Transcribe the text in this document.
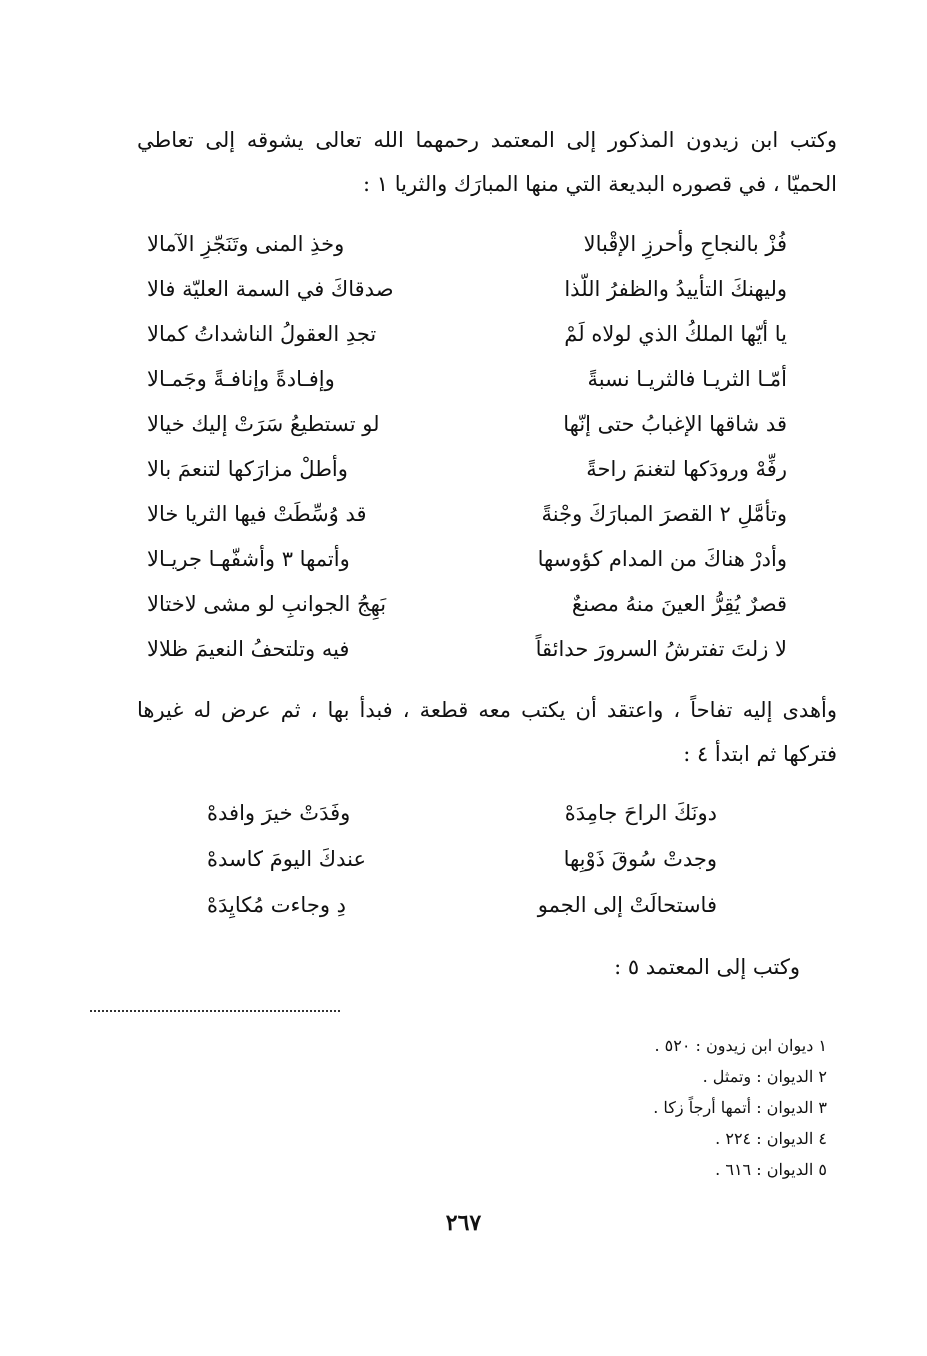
وكتب ابن زيدون المذكور إلى المعتمد رحمهما الله تعالى يشوقه إلى تعاطي الحميّا ، في قصوره البديعة التي منها المبارَك والثريا ١ :

فُزْ بالنجاحِ وأحرزِ الإقْبالا
وخذِ المنى وتَنَجّزِ الآمالا
وليهنكَ التأييدُ والظفرُ اللّذا
صدقاكَ في السمة العليّة فالا
يا أيّها الملكُ الذي لولاه لَمْ
تجدِ العقولُ الناشداتُ كمالا
أمّـا الثريـا فالثريـا نسبةً
وإفـادةً وإنافـةً وجَمـالا
قد شاقها الإغبابُ حتى إنّها
لو تستطيعُ سَرَتْ إليك خيالا
رفِّهْ ورودَكها لتغنمَ راحةً
وأطلْ مزارَكها لتنعمَ بالا
وتأمَّلِ ٢ القصرَ المبارَكَ وجْنةً
قد وُسِّطَتْ فيها الثريا خالا
وأدرْ هناكَ من المدام كؤوسها
وأتمها ٣ وأشفّهـا جريـالا
قصرٌ يُقِرُّ العينَ منهُ مصنعٌ
بَهِجُ الجوانبِ لو مشى لاختالا
لا زلتَ تفترشُ السرورَ حدائقاً
فيه وتلتحفُ النعيمَ ظلالا

وأهدى إليه تفاحاً ، واعتقد أن يكتب معه قطعة ، فبدأ بها ، ثم عرض له غيرها فتركها ثم ابتدأ ٤ :

دونَكَ الراحَ جامِدَهْ
وفَدَتْ خيرَ وافدهْ
وجدتْ سُوقَ ذَوْبِها
عندكَ اليومَ كاسدهْ
فاستحالَتْ إلى الجمو
دِ وجاءت مُكايِدَهْ
وكتب إلى المعتمد ٥ :
١ ديوان ابن زيدون : ٥٢٠ .
٢ الديوان : وتمثل .
٣ الديوان : أتمها أرجاً زكا .
٤ الديوان : ٢٢٤ .
٥ الديوان : ٦١٦ .
٢٦٧
